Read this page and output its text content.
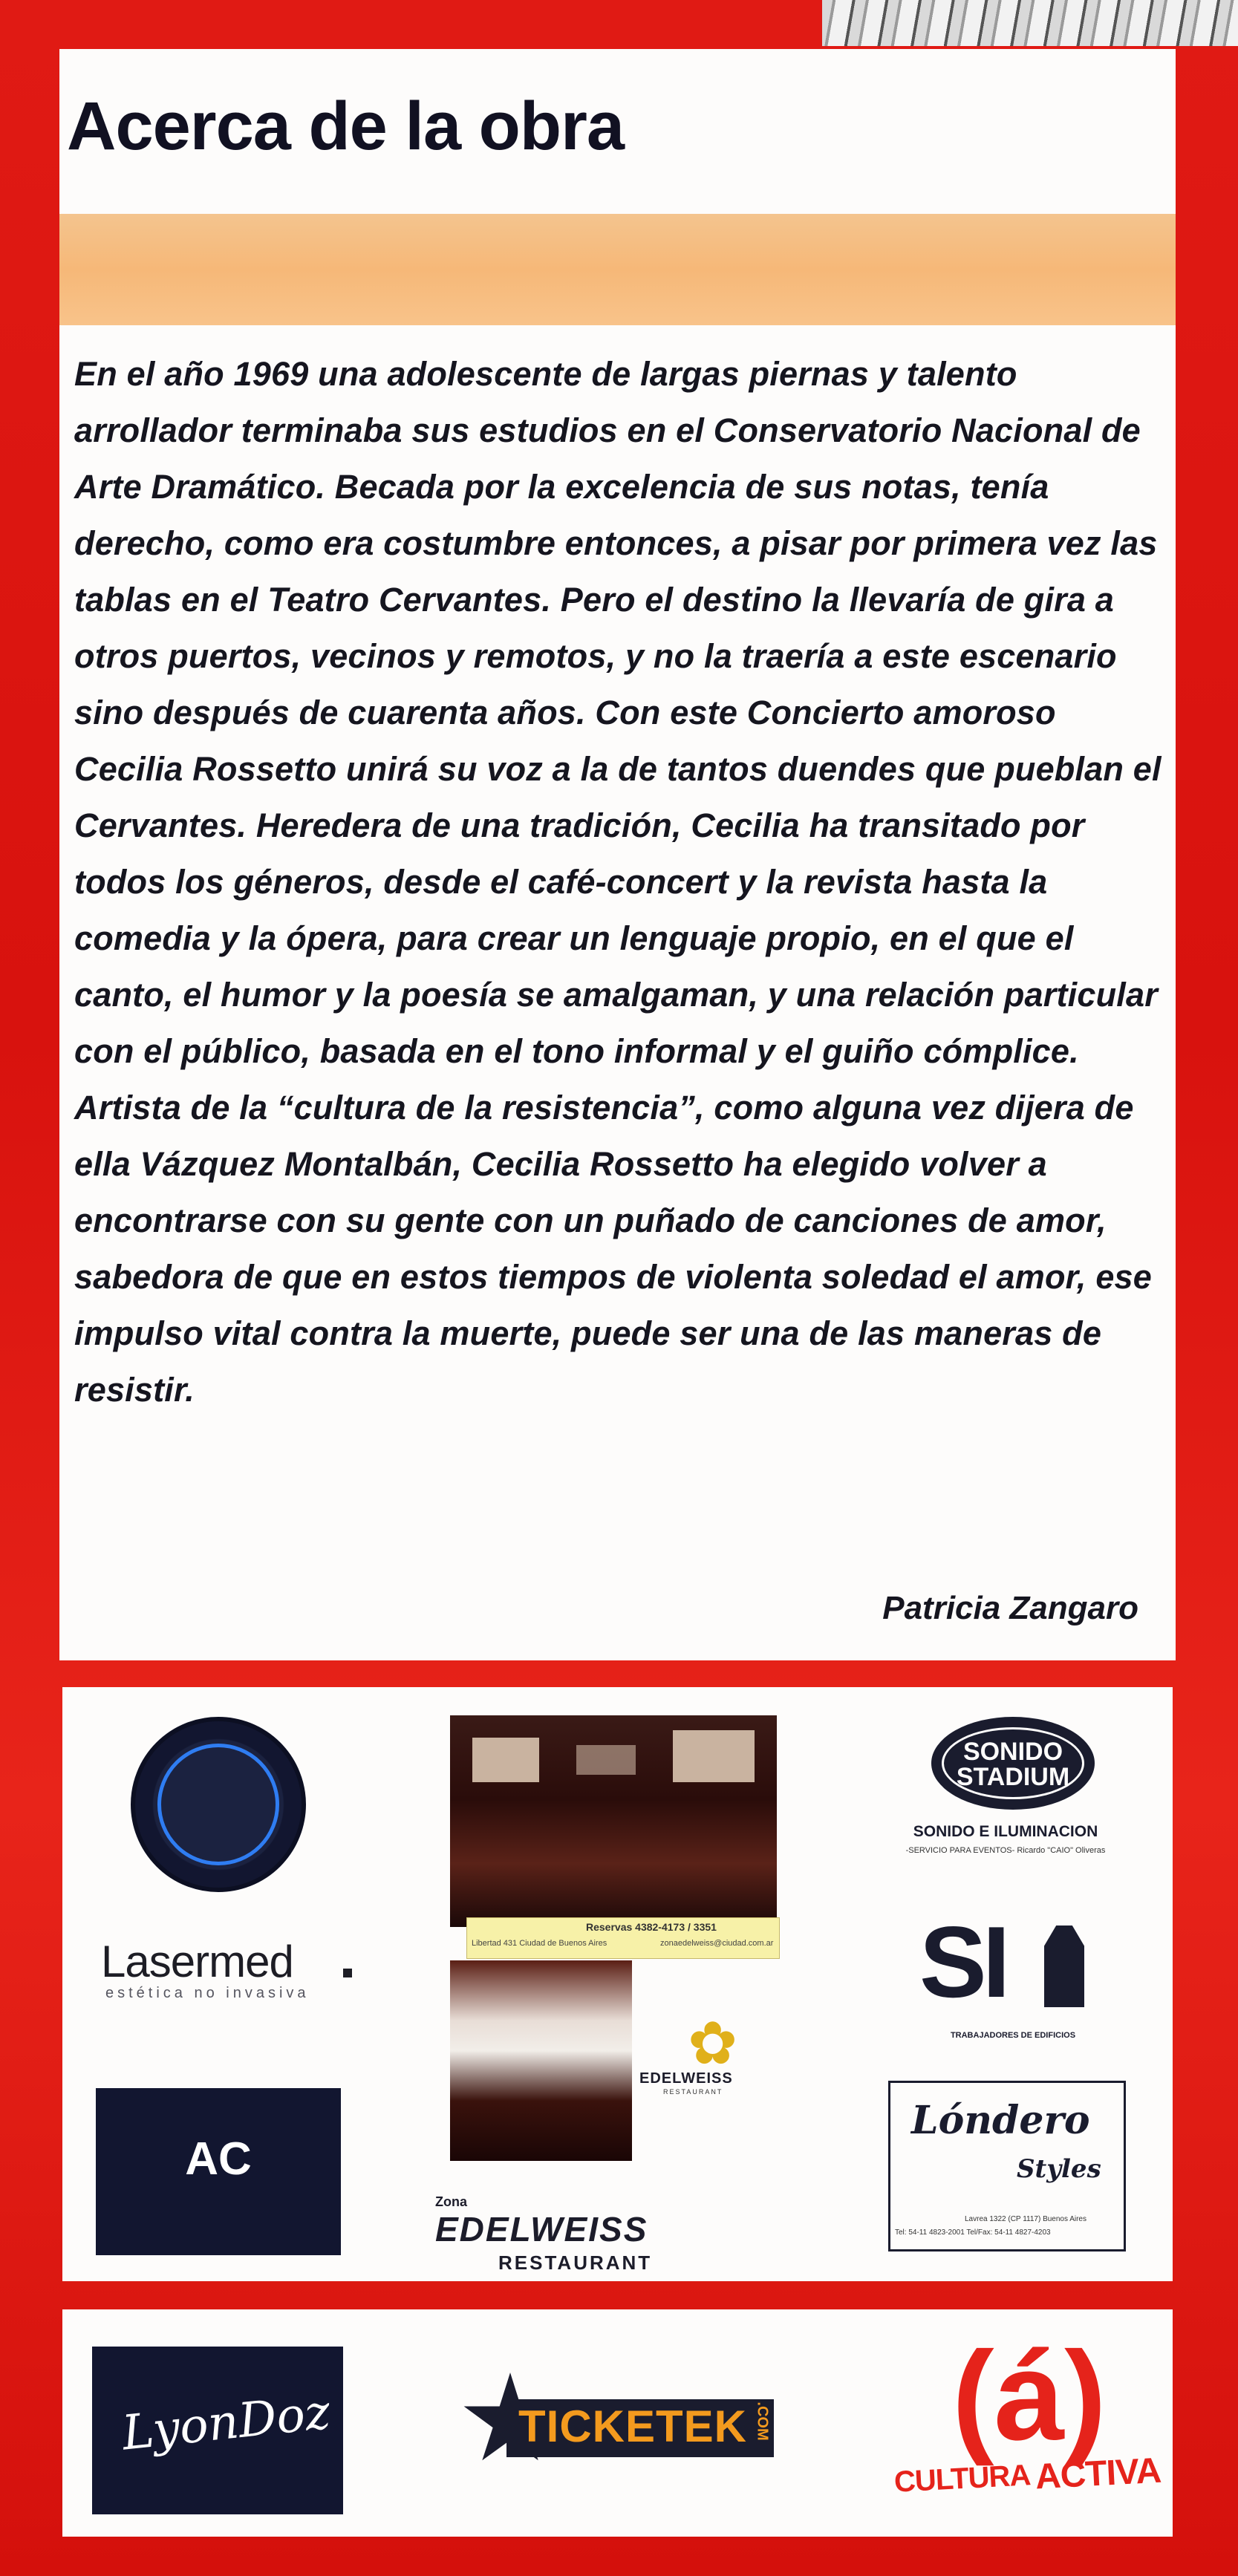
Acerca de la obra

En el año 1969 una adolescente de largas piernas y talento arrollador terminaba sus estudios en el Conservatorio Nacional de Arte Dramático. Becada por la excelencia de sus notas, tenía derecho, como era costumbre entonces, a pisar por primera vez las tablas en el Teatro Cervantes. Pero el destino la llevaría de gira a otros puertos, vecinos y remotos, y no la traería a este escenario sino después de cuarenta años. Con este Concierto amoroso Cecilia Rossetto unirá su voz a la de tantos duendes que pueblan el Cervantes. Heredera de una tradición, Cecilia ha transitado por todos los géneros, desde el café-concert y la revista hasta la comedia y la ópera, para crear un lenguaje propio, en el que el canto, el humor y la poesía se amalgaman, y una relación particular con el público, basada en el tono informal y el guiño cómplice. Artista de la “cultura de la resistencia”, como alguna vez dijera de ella Vázquez Montalbán, Cecilia Rossetto ha elegido volver a encontrarse con su gente con un puñado de canciones de amor, sabedora de que en estos tiempos de violenta soledad el amor, ese impulso vital contra la muerte, puede ser una de las maneras de resistir.

Patricia Zangaro
Lasermed
estética no invasiva
AC
Reservas 4382-4173 / 3351
Libertad 431 Ciudad de Buenos Aires	zonaedelweiss@ciudad.com.ar
✿
EDELWEISS
RESTAURANT
Zona
EDELWEISS
RESTAURANT
SONIDO STADIUM
SONIDO E ILUMINACION
-SERVICIO PARA EVENTOS- Ricardo "CAIO" Oliveras
SI
TRABAJADORES DE EDIFICIOS
Lóndero
Styles
Lavrea 1322 (CP 1117) Buenos Aires
Tel: 54-11 4823-2001 Tel/Fax: 54-11 4827-4203
LyonDoz	TICKETEK .COM (á)
CULTURA ACTIVA
